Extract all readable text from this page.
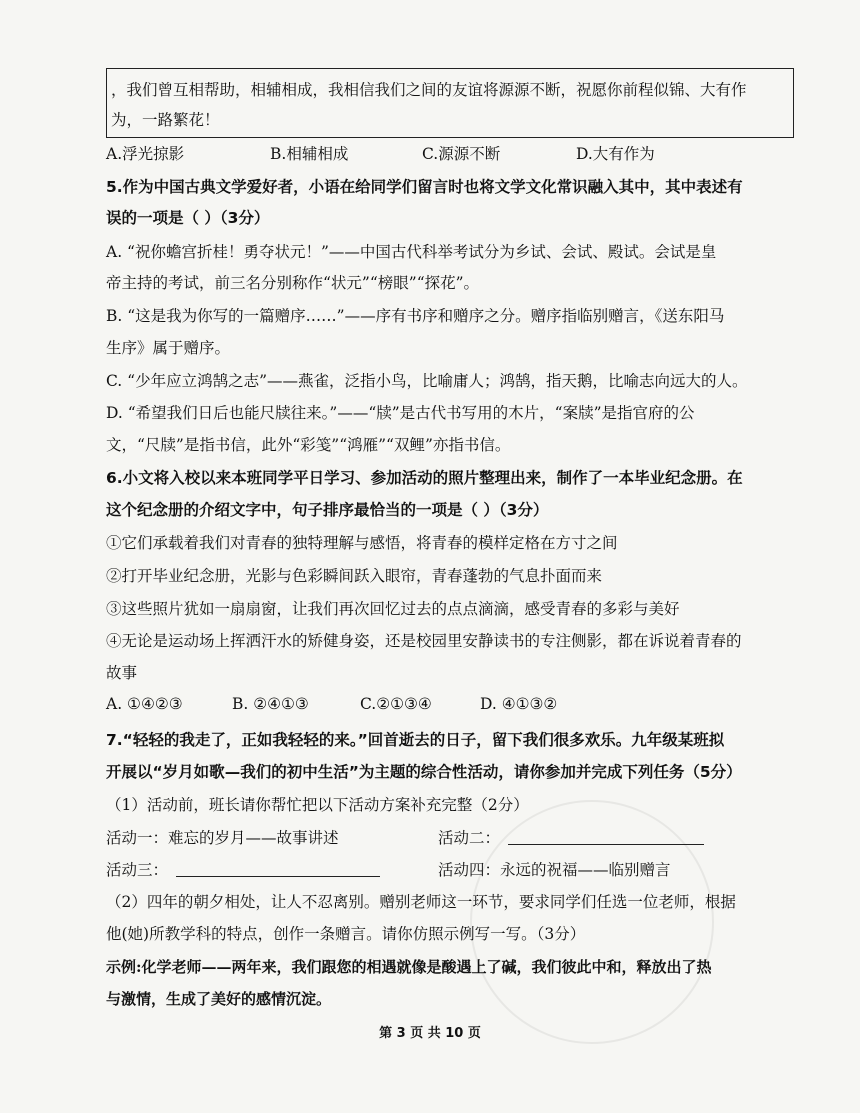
，我们曾互相帮助，相辅相成，我相信我们之间的友谊将源源不断，祝愿你前程似锦、大有作
为，一路繁花！
A.浮光掠影	B.相辅相成	C.源源不断	D.大有作为
5.作为中国古典文学爱好者，小语在给同学们留言时也将文学文化常识融入其中，其中表述有
误的一项是（ ）（3分）
A. “祝你蟾宫折桂！勇夺状元！”——中国古代科举考试分为乡试、会试、殿试。会试是皇
帝主持的考试，前三名分别称作“状元”“榜眼”“探花”。
B. “这是我为你写的一篇赠序……”——序有书序和赠序之分。赠序指临别赠言，《送东阳马
生序》属于赠序。
C. “少年应立鸿鹄之志”——燕雀，泛指小鸟，比喻庸人；鸿鹄，指天鹅，比喻志向远大的人。
D. “希望我们日后也能尺牍往来。”——“牍”是古代书写用的木片，“案牍”是指官府的公
文，“尺牍”是指书信，此外“彩笺”“鸿雁”“双鲤”亦指书信。
6.小文将入校以来本班同学平日学习、参加活动的照片整理出来，制作了一本毕业纪念册。在
这个纪念册的介绍文字中，句子排序最恰当的一项是（ ）（3分）
①它们承载着我们对青春的独特理解与感悟，将青春的模样定格在方寸之间
②打开毕业纪念册，光影与色彩瞬间跃入眼帘，青春蓬勃的气息扑面而来
③这些照片犹如一扇扇窗，让我们再次回忆过去的点点滴滴，感受青春的多彩与美好
④无论是运动场上挥洒汗水的矫健身姿，还是校园里安静读书的专注侧影，都在诉说着青春的
故事
A. ①④②③	B. ②④①③	C.②①③④	D. ④①③②
7.“轻轻的我走了，正如我轻轻的来。”回首逝去的日子，留下我们很多欢乐。九年级某班拟
开展以“岁月如歌—我们的初中生活”为主题的综合性活动，请你参加并完成下列任务（5分）
（1）活动前，班长请你帮忙把以下活动方案补充完整（2分）
活动一：难忘的岁月——故事讲述	活动二：
活动三：	活动四：永远的祝福——临别赠言
（2）四年的朝夕相处，让人不忍离别。赠别老师这一环节，要求同学们任选一位老师，根据
他(她)所教学科的特点，创作一条赠言。请你仿照示例写一写。（3分）
示例:化学老师——两年来，我们跟您的相遇就像是酸遇上了碱，我们彼此中和，释放出了热
与激情，生成了美好的感情沉淀。
第 3 页 共 10 页
